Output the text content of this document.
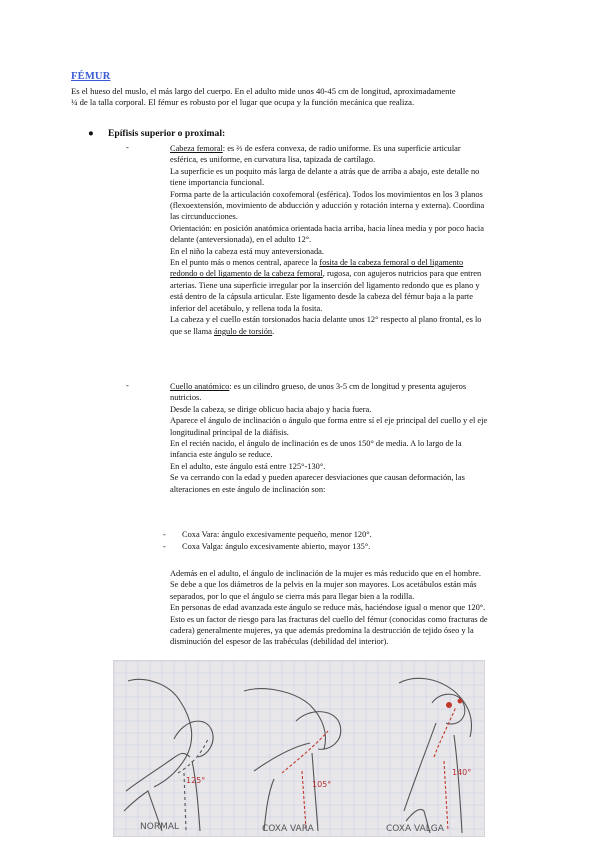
FÉMUR

Es el hueso del muslo, el más largo del cuerpo. En el adulto mide unos 40-45 cm de longitud, aproximadamente

¼ de la talla corporal. El fémur es robusto por el lugar que ocupa y la función mecánica que realiza.

● Epífisis superior o proximal:
-	Cabeza femoral: es ⅔ de esfera convexa, de radio uniforme. Es una superficie articular

esférica, es uniforme, en curvatura lisa, tapizada de cartílago.

La superficie es un poquito más larga de delante a atrás que de arriba a abajo, este detalle no

tiene importancia funcional.

Forma parte de la articulación coxofemoral (esférica). Todos los movimientos en los 3 planos

(flexoextensión, movimiento de abducción y aducción y rotación interna y externa). Coordina

las circunducciones.

Orientación: en posición anatómica orientada hacia arriba, hacia línea media y por poco hacia

delante (anteversionada), en el adulto 12°.

En el niño la cabeza está muy anteversionada.

En el punto más o menos central, aparece la fosita de la cabeza femoral o del ligamento

redondo o del ligamento de la cabeza femoral, rugosa, con agujeros nutricios para que entren

arterias. Tiene una superficie irregular por la inserción del ligamento redondo que es plano y

está dentro de la cápsula articular. Este ligamento desde la cabeza del fémur baja a la parte

inferior del acetábulo, y rellena toda la fosita.

La cabeza y el cuello están torsionados hacia delante unos 12° respecto al plano frontal, es lo

que se llama ángulo de torsión.

-	Cuello anatómico: es un cilindro grueso, de unos 3-5 cm de longitud y presenta agujeros

nutricios.

Desde la cabeza, se dirige oblicuo hacia abajo y hacia fuera.

Aparece el ángulo de inclinación o ángulo que forma entre sí el eje principal del cuello y el eje

longitudinal principal de la diáfisis.

En el recién nacido, el ángulo de inclinación es de unos 150° de media. A lo largo de la

infancia este ángulo se reduce.

En el adulto, este ángulo está entre 125°-130°.

Se va cerrando con la edad y pueden aparecer desviaciones que causan deformación, las

alteraciones en este ángulo de inclinación son:

- Coxa Vara: ángulo excesivamente pequeño, menor 120°.
- Coxa Valga: ángulo excesivamente abierto, mayor 135°.

Además en el adulto, el ángulo de inclinación de la mujer es más reducido que en el hombre.

Se debe a que los diámetros de la pelvis en la mujer son mayores. Los acetábulos están más

separados, por lo que el ángulo se cierra más para llegar bien a la rodilla.

En personas de edad avanzada este ángulo se reduce más, haciéndose igual o menor que 120°.

Esto es un factor de riesgo para las fracturas del cuello del fémur (conocidas como fracturas de

cadera) generalmente mujeres, ya que además predomina la destrucción de tejido óseo y la

disminución del espesor de las trabéculas (debilidad del interior).

NORMAL
125°
COXA VARA
105°
COXA VALGA
140°
